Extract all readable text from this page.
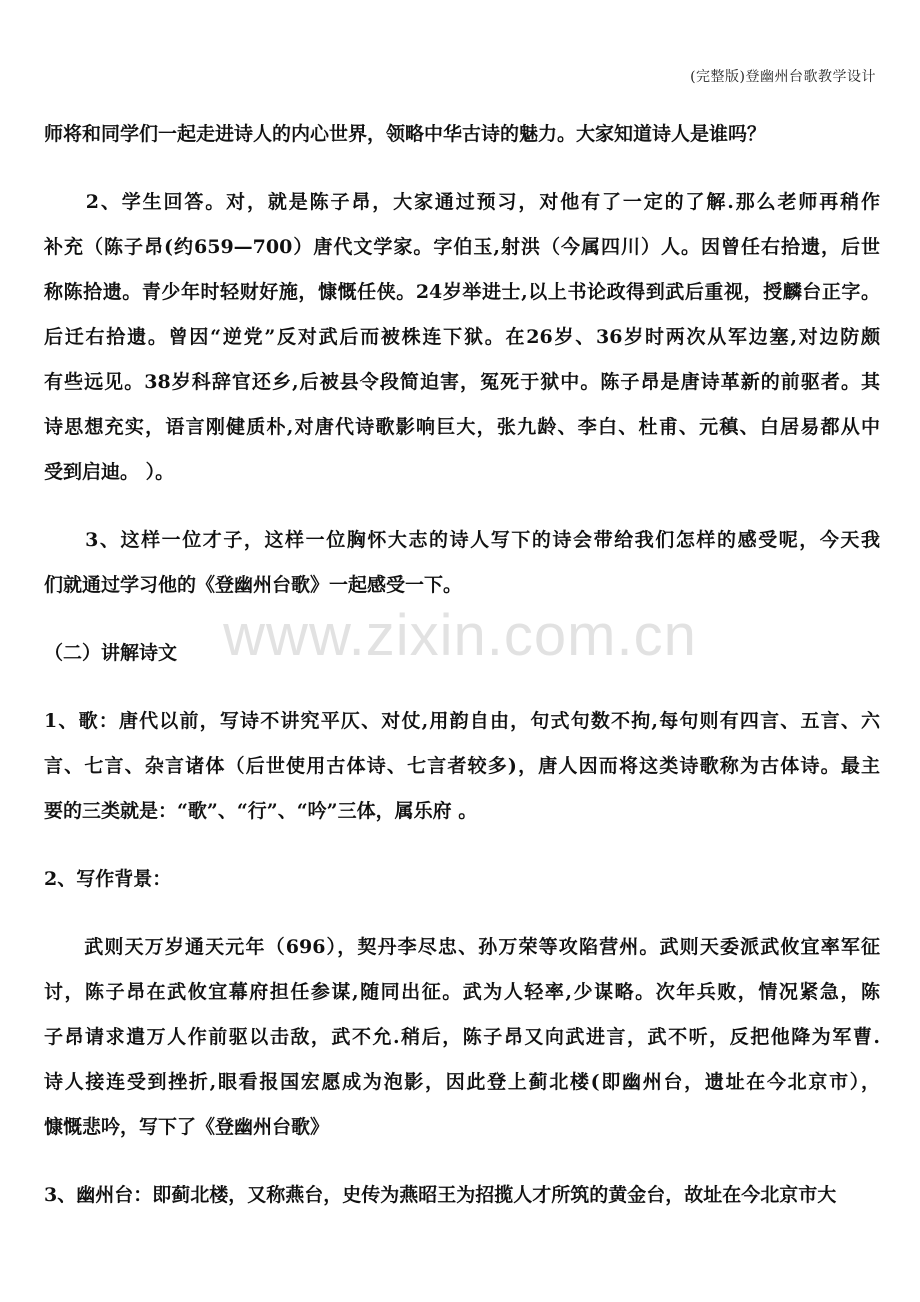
(完整版)登幽州台歌教学设计
师将和同学们一起走进诗人的内心世界，领略中华古诗的魅力。大家知道诗人是谁吗？
　　2、学生回答。对，就是陈子昂，大家通过预习，对他有了一定的了解.那么老师再稍作
补充（陈子昂(约659—700）唐代文学家。字伯玉,射洪（今属四川）人。因曾任右拾遗，后世
称陈拾遗。青少年时轻财好施，慷慨任侠。24岁举进士,以上书论政得到武后重视，授麟台正字。
后迁右拾遗。曾因“逆党”反对武后而被株连下狱。在26岁、36岁时两次从军边塞,对边防颇
有些远见。38岁科辞官还乡,后被县令段简迫害，冤死于狱中。陈子昂是唐诗革新的前驱者。其
诗思想充实，语言刚健质朴,对唐代诗歌影响巨大，张九龄、李白、杜甫、元稹、白居易都从中
受到启迪。 ）。
　　3、这样一位才子，这样一位胸怀大志的诗人写下的诗会带给我们怎样的感受呢，今天我
们就通过学习他的《登幽州台歌》一起感受一下。
（二）讲解诗文
1、歌：唐代以前，写诗不讲究平仄、对仗,用韵自由，句式句数不拘,每句则有四言、五言、六
言、七言、杂言诸体（后世使用古体诗、七言者较多)，唐人因而将这类诗歌称为古体诗。最主
要的三类就是：“歌”、“行”、“吟”三体，属乐府 。
2、写作背景：
　　武则天万岁通天元年（696），契丹李尽忠、孙万荣等攻陷营州。武则天委派武攸宜率军征
讨，陈子昂在武攸宜幕府担任参谋,随同出征。武为人轻率,少谋略。次年兵败，情况紧急，陈
子昂请求遣万人作前驱以击敌，武不允.稍后，陈子昂又向武进言，武不听，反把他降为军曹.
诗人接连受到挫折,眼看报国宏愿成为泡影，因此登上蓟北楼(即幽州台，遗址在今北京市），
慷慨悲吟，写下了《登幽州台歌》
3、幽州台：即蓟北楼，又称燕台，史传为燕昭王为招揽人才所筑的黄金台，故址在今北京市大
www.zixin.com.cn
